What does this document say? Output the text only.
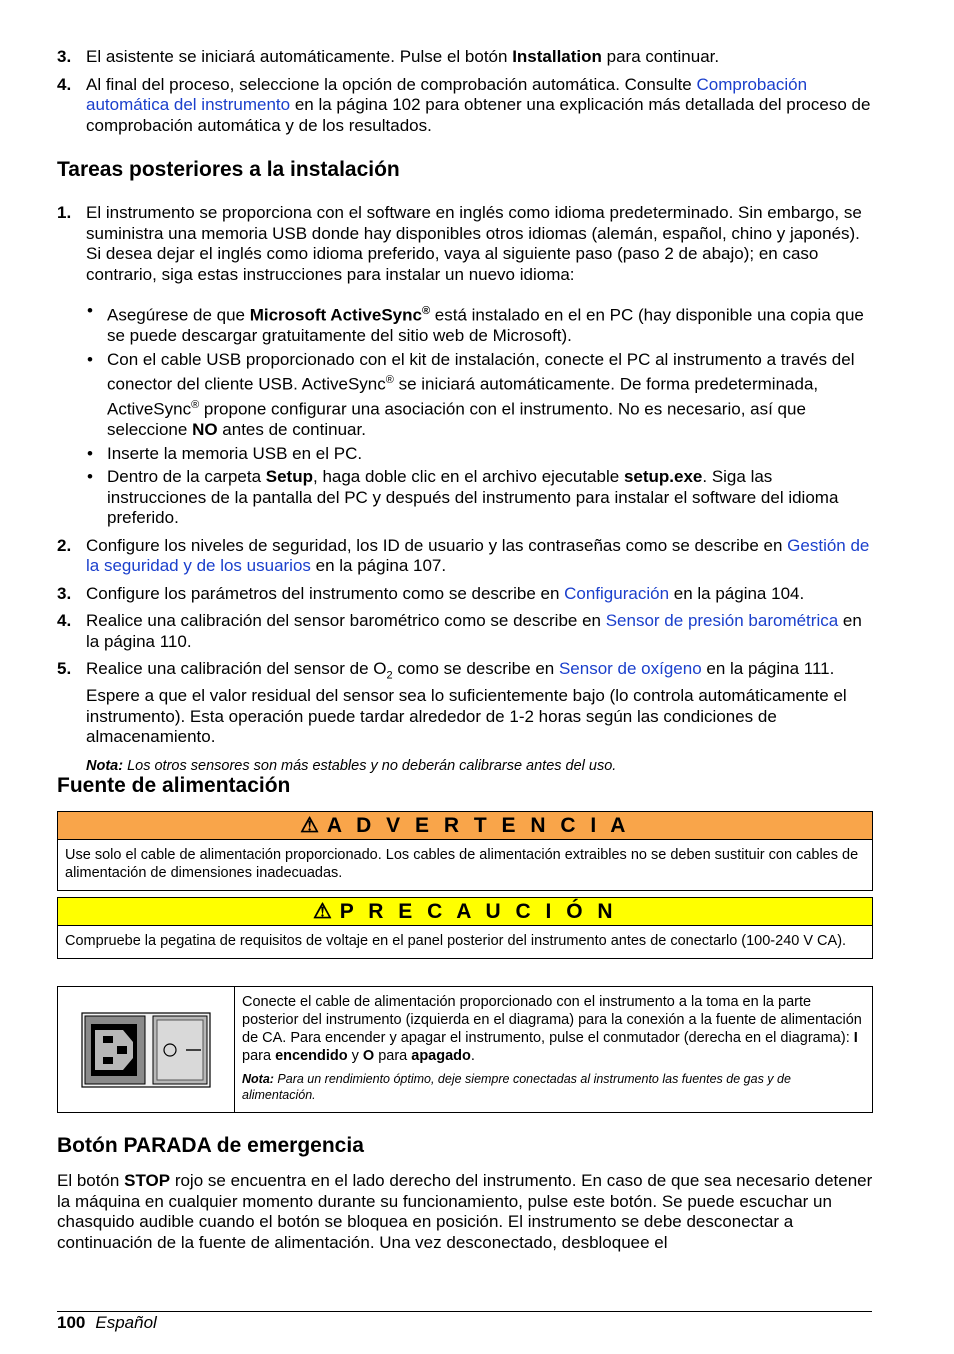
3. El asistente se iniciará automáticamente. Pulse el botón Installation para continuar.
4. Al final del proceso, seleccione la opción de comprobación automática. Consulte Comprobación automática del instrumento en la página 102 para obtener una explicación más detallada del proceso de comprobación automática y de los resultados.
Tareas posteriores a la instalación
1. El instrumento se proporciona con el software en inglés como idioma predeterminado. Sin embargo, se suministra una memoria USB donde hay disponibles otros idiomas (alemán, español, chino y japonés). Si desea dejar el inglés como idioma preferido, vaya al siguiente paso (paso 2 de abajo); en caso contrario, siga estas instrucciones para instalar un nuevo idioma:
• Asegúrese de que Microsoft ActiveSync® está instalado en el en PC (hay disponible una copia que se puede descargar gratuitamente del sitio web de Microsoft).
• Con el cable USB proporcionado con el kit de instalación, conecte el PC al instrumento a través del conector del cliente USB. ActiveSync® se iniciará automáticamente. De forma predeterminada, ActiveSync® propone configurar una asociación con el instrumento. No es necesario, así que seleccione NO antes de continuar.
• Inserte la memoria USB en el PC.
• Dentro de la carpeta Setup, haga doble clic en el archivo ejecutable setup.exe. Siga las instrucciones de la pantalla del PC y después del instrumento para instalar el software del idioma preferido.
2. Configure los niveles de seguridad, los ID de usuario y las contraseñas como se describe en Gestión de la seguridad y de los usuarios en la página 107.
3. Configure los parámetros del instrumento como se describe en Configuración en la página 104.
4. Realice una calibración del sensor barométrico como se describe en Sensor de presión barométrica en la página 110.
5. Realice una calibración del sensor de $O_2$ como se describe en Sensor de oxígeno en la página 111. Espere a que el valor residual del sensor sea lo suficientemente bajo (lo controla automáticamente el instrumento). Esta operación puede tardar alrededor de 1-2 horas según las condiciones de almacenamiento.
Nota: Los otros sensores son más estables y no deberán calibrarse antes del uso.
Fuente de alimentación
⚠ A D V E R T E N C I A
Use solo el cable de alimentación proporcionado. Los cables de alimentación extraibles no se deben sustituir con cables de alimentación de dimensiones inadecuadas.
⚠ P R E C A U C I Ó N
Compruebe la pegatina de requisitos de voltaje en el panel posterior del instrumento antes de conectarlo (100-240 V CA).
Conecte el cable de alimentación proporcionado con el instrumento a la toma en la parte posterior del instrumento (izquierda en el diagrama) para la conexión a la fuente de alimentación de CA. Para encender y apagar el instrumento, pulse el conmutador (derecha en el diagrama): I para encendido y O para apagado.
Nota: Para un rendimiento óptimo, deje siempre conectadas al instrumento las fuentes de gas y de alimentación.
Botón PARADA de emergencia
El botón STOP rojo se encuentra en el lado derecho del instrumento. En caso de que sea necesario detener la máquina en cualquier momento durante su funcionamiento, pulse este botón. Se puede escuchar un chasquido audible cuando el botón se bloquea en posición. El instrumento se debe desconectar a continuación de la fuente de alimentación. Una vez desconectado, desbloquee el
100 Español
